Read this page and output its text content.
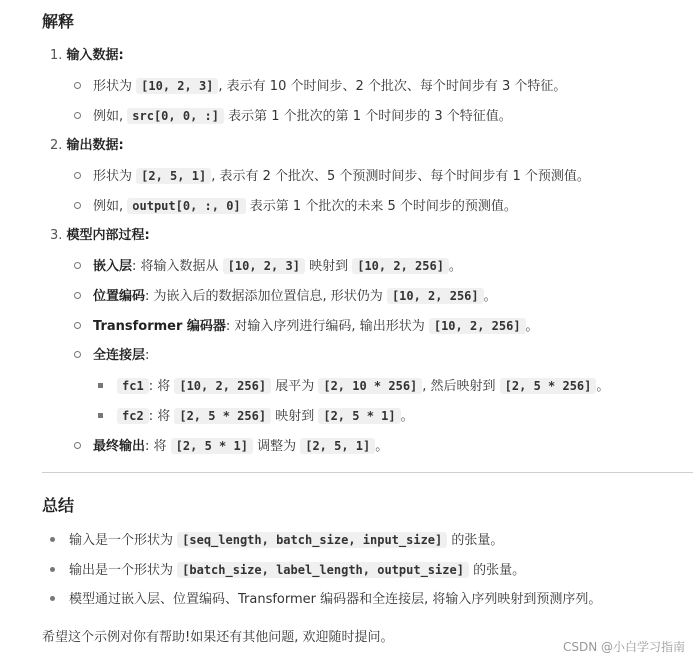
解释
1. 输入数据:
形状为 [10, 2, 3] , 表示有 10 个时间步、2 个批次、每个时间步有 3 个特征。
例如, src[0, 0, :] 表示第 1 个批次的第 1 个时间步的 3 个特征值。
2. 输出数据:
形状为 [2, 5, 1] , 表示有 2 个批次、5 个预测时间步、每个时间步有 1 个预测值。
例如, output[0, :, 0] 表示第 1 个批次的未来 5 个时间步的预测值。
3. 模型内部过程:
嵌入层: 将输入数据从 [10, 2, 3] 映射到 [10, 2, 256] 。
位置编码: 为嵌入后的数据添加位置信息, 形状仍为 [10, 2, 256] 。
Transformer 编码器: 对输入序列进行编码, 输出形状为 [10, 2, 256] 。
全连接层:
fc1 : 将 [10, 2, 256] 展平为 [2, 10 * 256] , 然后映射到 [2, 5 * 256] 。
fc2 : 将 [2, 5 * 256] 映射到 [2, 5 * 1] 。
最终输出: 将 [2, 5 * 1] 调整为 [2, 5, 1] 。
总结
输入是一个形状为 [seq_length, batch_size, input_size] 的张量。
输出是一个形状为 [batch_size, label_length, output_size] 的张量。
模型通过嵌入层、位置编码、Transformer 编码器和全连接层, 将输入序列映射到预测序列。
希望这个示例对你有帮助!如果还有其他问题, 欢迎随时提问。
CSDN @小白学习指南
